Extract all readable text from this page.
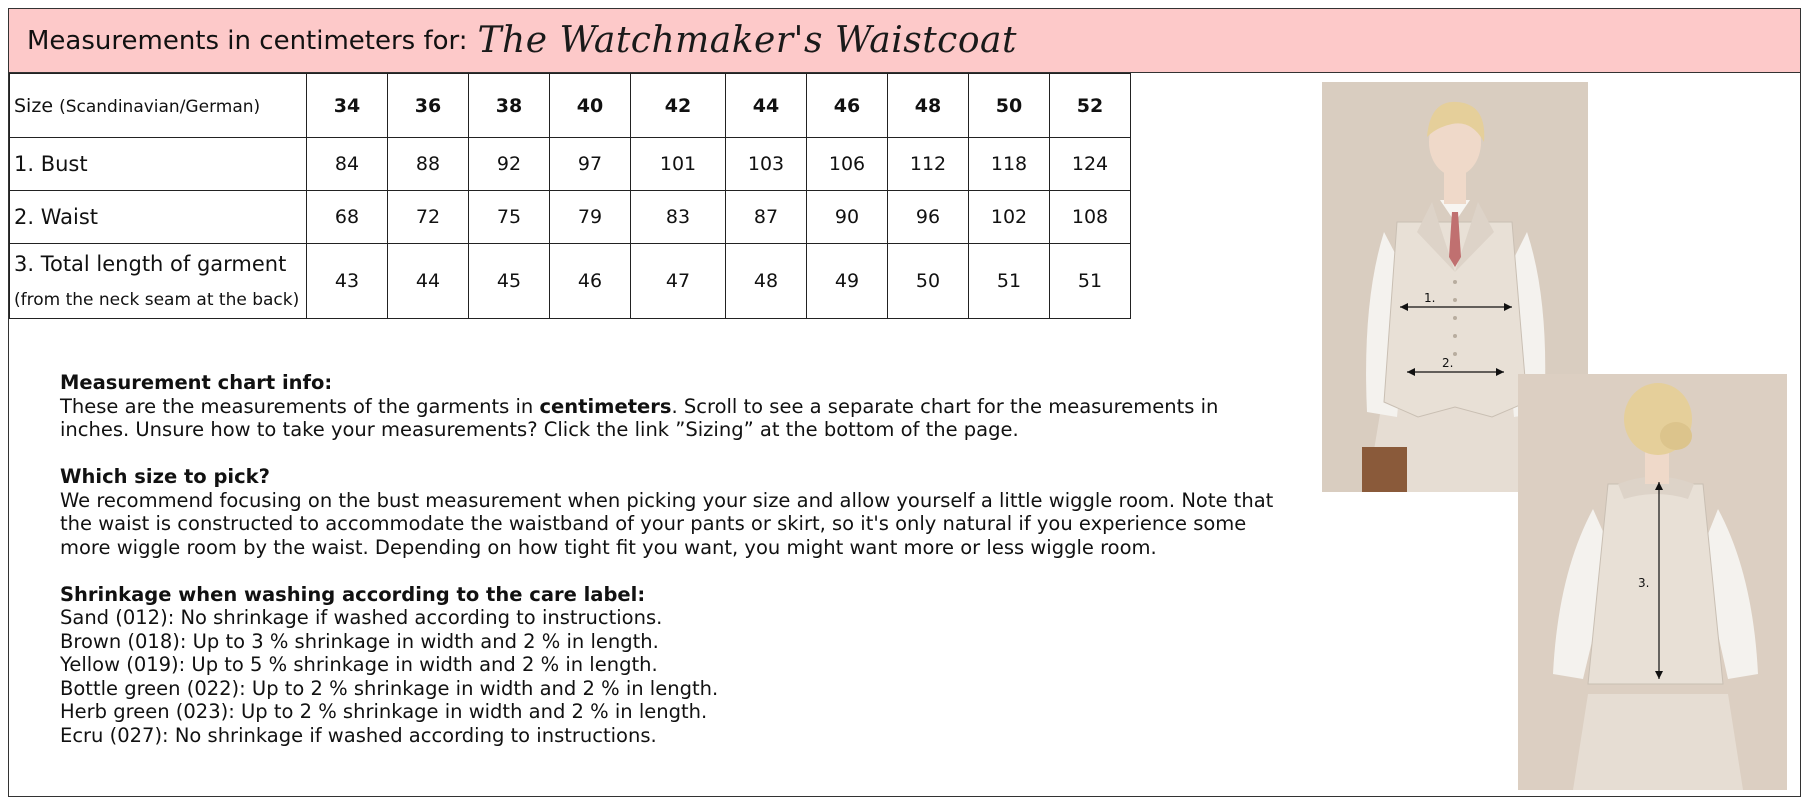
Measurements in centimeters for: The Watchmaker's Waistcoat
Size (Scandinavian/German)	34	36	38	40	42	44	46	48	50	52
1. Bust	84	88	92	97	101	103	106	112	118	124
2. Waist	68	72	75	79	83	87	90	96	102	108
3. Total length of garment
(from the neck seam at the back)	43	44	45	46	47	48	49	50	51	51

Measurement chart info:

These are the measurements of the garments in centimeters. Scroll to see a separate chart for the measurements in inches. Unsure how to take your measurements? Click the link ”Sizing” at the bottom of the page.

Which size to pick?

We recommend focusing on the bust measurement when picking your size and allow yourself a little wiggle room. Note that the waist is constructed to accommodate the waistband of your pants or skirt, so it's only natural if you experience some more wiggle room by the waist. Depending on how tight fit you want, you might want more or less wiggle room.

Shrinkage when washing according to the care label:

Sand (012): No shrinkage if washed according to instructions.

Brown (018): Up to 3 % shrinkage in width and 2 % in length.

Yellow (019): Up to 5 % shrinkage in width and 2 % in length.

Bottle green (022): Up to 2 % shrinkage in width and 2 % in length.

Herb green (023): Up to 2 % shrinkage in width and 2 % in length.

Ecru (027): No shrinkage if washed according to instructions.

1.
2.
3.
